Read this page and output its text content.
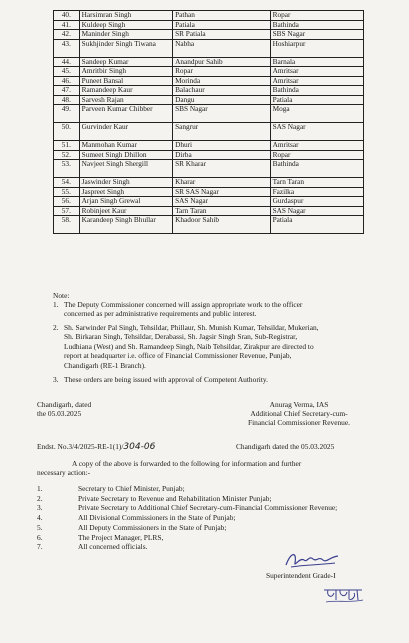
40.	Harsimran Singh	Pathan	Ropar
41.	Kuldeep Singh	Patiala	Bathinda
42.	Maninder Singh	SR Patiala	SBS Nagar
43.	Sukhjinder Singh Tiwana	Nabha	Hoshiarpur
44.	Sandeep Kumar	Anandpur Sahib	Barnala
45.	Amritbir Singh	Ropar	Amritsar
46.	Puneet Bansal	Morinda	Amritsar
47.	Ramandeep Kaur	Balachaur	Bathinda
48.	Sarvesh Rajan	Dangu	Patiala
49.	Parveen Kumar Chibber	SBS Nagar	Moga
50.	Gurvinder Kaur	Sangrur	SAS Nagar
51.	Manmohan Kumar	Dhuri	Amritsar
52.	Sumeet Singh Dhillon	Dirba	Ropar
53.	Navjeet Singh Shergill	SR Kharar	Bathinda
54.	Jaswinder Singh	Kharar	Tarn Taran
55.	Jaspreet Singh	SR SAS Nagar	Fazilka
56.	Arjan Singh Grewal	SAS Nagar	Gurdaspur
57.	Robinjeet Kaur	Tarn Taran	SAS Nagar
58.	Karandeep Singh Bhullar	Khadoor Sahib	Patiala
Note:
1. The Deputy Commissioner concerned will assign appropriate work to the officer
concerned as per administrative requirements and public interest.
2. Sh. Sarwinder Pal Singh, Tehsildar, Phillaur, Sh. Munish Kumar, Tehsildar, Mukerian,
Sh. Birkaran Singh, Tehsildar, Derabassi, Sh. Jagsir Singh Sran, Sub-Registrar,
Ludhiana (West) and Sh. Ramandeep Singh, Naib Tehsildar, Zirakpur are directed to
report at headquarter i.e. office of Financial Commissioner Revenue, Punjab,
Chandigarh (RE-1 Branch).
3. These orders are being issued with approval of Competent Authority.
Chandigarh, dated
the 05.03.2025
Anurag Verma, IAS
Additional Chief Secretary-cum-
Financial Commissioner Revenue.
Endst. No.3/4/2025-RE-1(1)/304-06	Chandigarh dated the 05.03.2025
A copy of the above is forwarded to the following for information and further
necessary action:-
1.	Secretary to Chief Minister, Punjab;
2.	Private Secretary to Revenue and Rehabilitation Minister Punjab;
3.	Private Secretary to Additional Chief Secretary-cum-Financial Commissioner Revenue;
4.	All Divisional Commissioners in the State of Punjab;
5.	All Deputy Commissioners in the State of Punjab;
6.	The Project Manager, PLRS,
7.	All concerned officials.
Superintendent Grade-I
